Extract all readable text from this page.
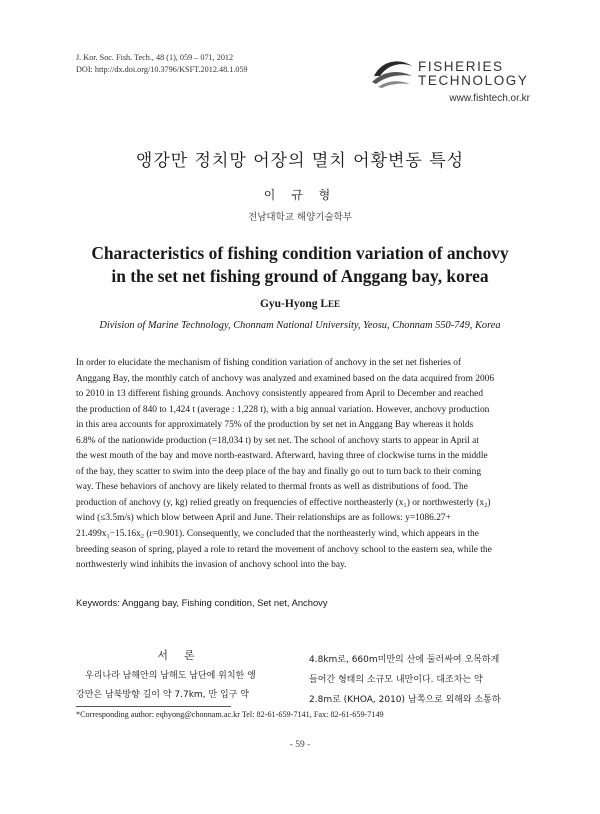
J. Kor. Soc. Fish. Tech., 48 (1), 059 – 071, 2012
DOI: http://dx.doi.org/10.3796/KSFT.2012.48.1.059	FISHERIES
TECHNOLOGY
www.fishtech.or.kr
앵강만 정치망 어장의 멸치 어황변동 특성
이 규 형
전남대학교 해양기술학부
Characteristics of fishing condition variation of anchovy
in the set net fishing ground of Anggang bay, korea
Gyu-Hyong LEE
Division of Marine Technology, Chonnam National University, Yeosu, Chonnam 550-749, Korea
In order to elucidate the mechanism of fishing condition variation of anchovy in the set net fisheries of
Anggang Bay, the monthly catch of anchovy was analyzed and examined based on the data acquired from 2006
to 2010 in 13 different fishing grounds. Anchovy consistently appeared from April to December and reached
the production of 840 to 1,424 t (average : 1,228 t), with a big annual variation. However, anchovy production
in this area accounts for approximately 75% of the production by set net in Anggang Bay whereas it holds
6.8% of the nationwide production (=18,034 t) by set net. The school of anchovy starts to appear in April at
the west mouth of the bay and move north-eastward. Afterward, having three of clockwise turns in the middle
of the bay, they scatter to swim into the deep place of the bay and finally go out to turn back to their coming
way. These behaviors of anchovy are likely related to thermal fronts as well as distributions of food. The
production of anchovy (y, kg) relied greatly on frequencies of effective northeasterly (x₁) or northwesterly (x₂)
wind (≤3.5m/s) which blow between April and June. Their relationships are as follows: y=1086.27+
21.499x₁−15.16x₂ (r=0.901). Consequently, we concluded that the northeasterly wind, which appears in the
breeding season of spring, played a role to retard the movement of anchovy school to the eastern sea, while the
northwesterly wind inhibits the invasion of anchovy school into the bay.
Keywords: Anggang bay, Fishing condition, Set net, Anchovy
서론
우리나라 남해안의 남해도 남단에 위치한 앵
강만은 남북방향 길이 약 7.7km, 만 입구 약
4.8km로, 660m미만의 산에 둘러싸여 오목하게
들어간 형태의 소규모 내만이다. 대조차는 약
2.8m로 (KHOA, 2010) 남쪽으로 외해와 소통하
*Corresponding author: eqhyong@chonnam.ac.kr Tel: 82-61-659-7141, Fax: 82-61-659-7149
- 59 -
